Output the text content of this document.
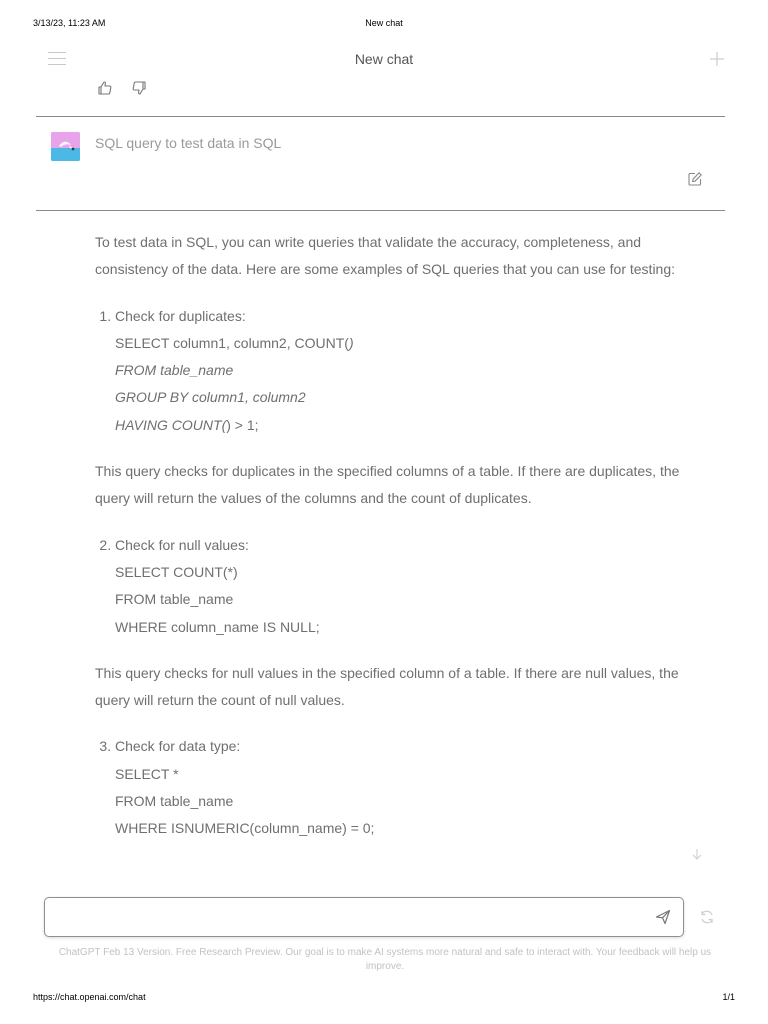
3/13/23, 11:23 AM	New chat
New chat

SQL query to test data in SQL

To test data in SQL, you can write queries that validate the accuracy, completeness, and consistency of the data. Here are some examples of SQL queries that you can use for testing:

1. Check for duplicates:
SELECT column1, column2, COUNT()
FROM table_name
GROUP BY column1, column2
HAVING COUNT() > 1;

This query checks for duplicates in the specified columns of a table. If there are duplicates, the query will return the values of the columns and the count of duplicates.

2. Check for null values:
SELECT COUNT(*)
FROM table_name
WHERE column_name IS NULL;

This query checks for null values in the specified column of a table. If there are null values, the query will return the count of null values.

3. Check for data type:
SELECT *
FROM table_name
WHERE ISNUMERIC(column_name) = 0;
ChatGPT Feb 13 Version. Free Research Preview. Our goal is to make AI systems more natural and safe to interact with. Your feedback will help us improve.
https://chat.openai.com/chat	1/1
